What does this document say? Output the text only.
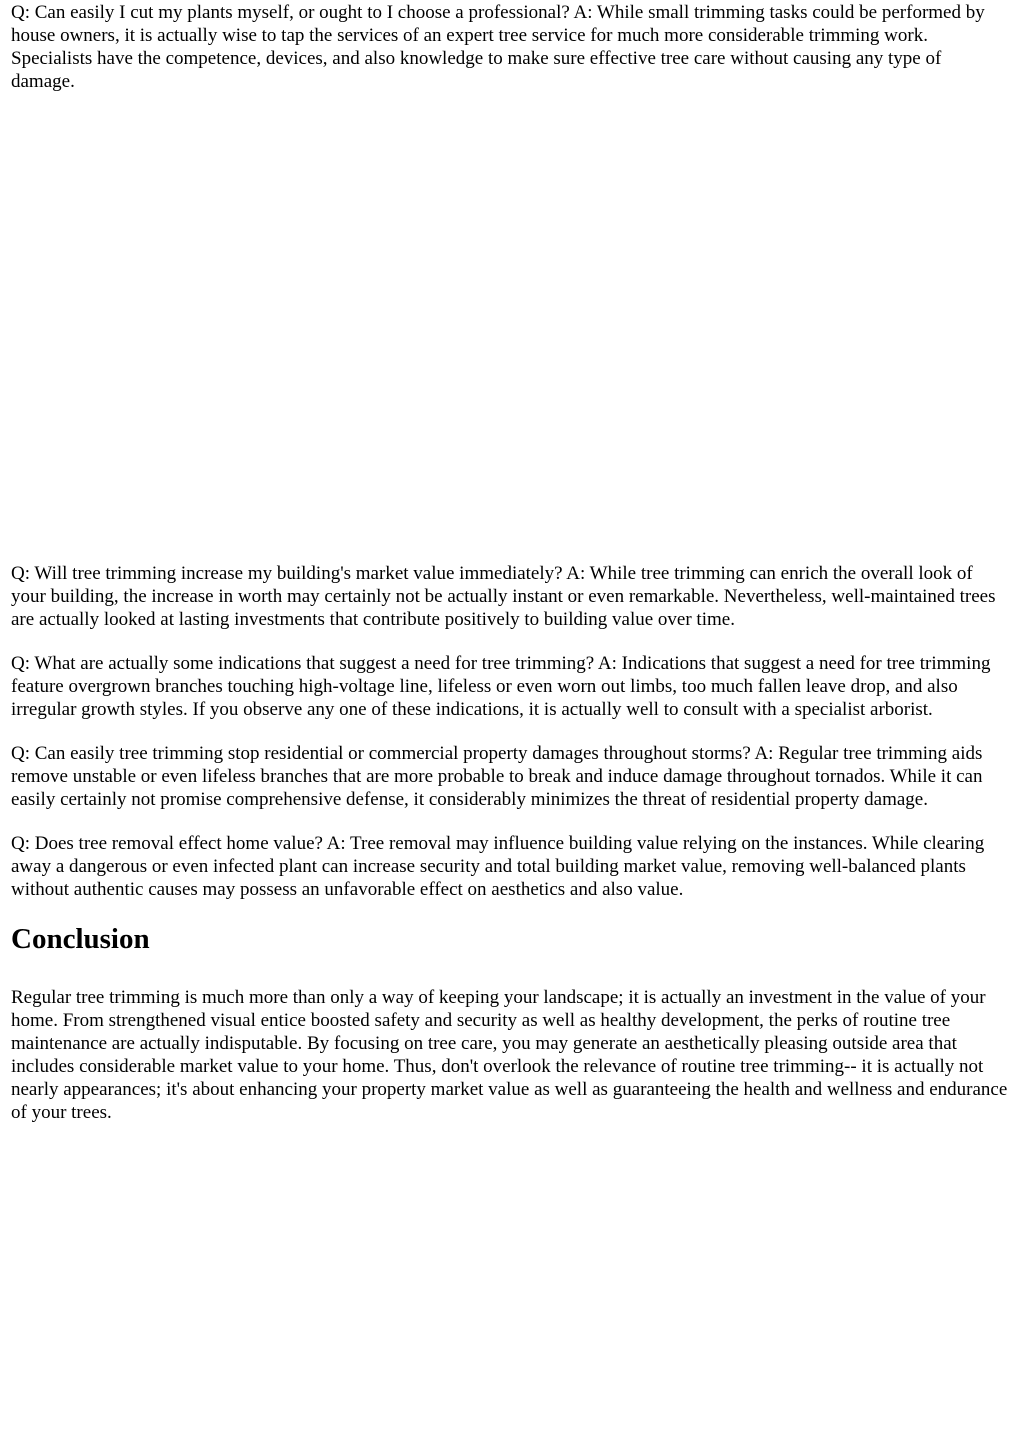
Q: Can easily I cut my plants myself, or ought to I choose a professional? A: While small trimming tasks could be performed by house owners, it is actually wise to tap the services of an expert tree service for much more considerable trimming work. Specialists have the competence, devices, and also knowledge to make sure effective tree care without causing any type of damage.

Q: Will tree trimming increase my building's market value immediately? A: While tree trimming can enrich the overall look of your building, the increase in worth may certainly not be actually instant or even remarkable. Nevertheless, well-maintained trees are actually looked at lasting investments that contribute positively to building value over time.

Q: What are actually some indications that suggest a need for tree trimming? A: Indications that suggest a need for tree trimming feature overgrown branches touching high-voltage line, lifeless or even worn out limbs, too much fallen leave drop, and also irregular growth styles. If you observe any one of these indications, it is actually well to consult with a specialist arborist.

Q: Can easily tree trimming stop residential or commercial property damages throughout storms? A: Regular tree trimming aids remove unstable or even lifeless branches that are more probable to break and induce damage throughout tornados. While it can easily certainly not promise comprehensive defense, it considerably minimizes the threat of residential property damage.

Q: Does tree removal effect home value? A: Tree removal may influence building value relying on the instances. While clearing away a dangerous or even infected plant can increase security and total building market value, removing well-balanced plants without authentic causes may possess an unfavorable effect on aesthetics and also value.

Conclusion

Regular tree trimming is much more than only a way of keeping your landscape; it is actually an investment in the value of your home. From strengthened visual entice boosted safety and security as well as healthy development, the perks of routine tree maintenance are actually indisputable. By focusing on tree care, you may generate an aesthetically pleasing outside area that includes considerable market value to your home. Thus, don't overlook the relevance of routine tree trimming-- it is actually not nearly appearances; it's about enhancing your property market value as well as guaranteeing the health and wellness and endurance of your trees.
